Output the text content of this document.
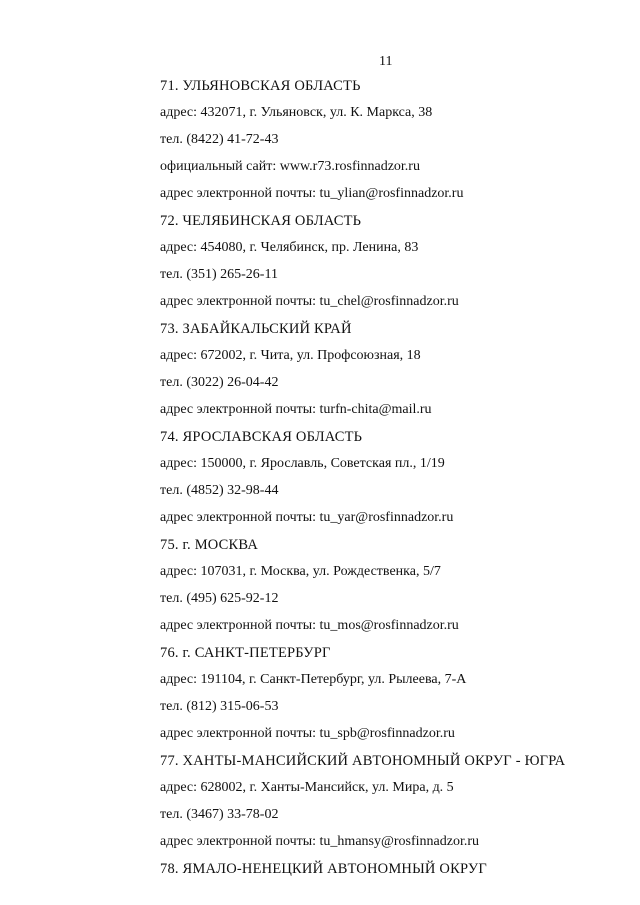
11
71. УЛЬЯНОВСКАЯ ОБЛАСТЬ
адрес: 432071, г. Ульяновск, ул. К. Маркса, 38
тел. (8422) 41-72-43
официальный сайт: www.r73.rosfinnadzor.ru
адрес электронной почты: tu_ylian@rosfinnadzor.ru
72. ЧЕЛЯБИНСКАЯ ОБЛАСТЬ
адрес: 454080, г. Челябинск, пр. Ленина, 83
тел. (351) 265-26-11
адрес электронной почты: tu_chel@rosfinnadzor.ru
73. ЗАБАЙКАЛЬСКИЙ КРАЙ
адрес: 672002, г. Чита, ул. Профсоюзная, 18
тел. (3022) 26-04-42
адрес электронной почты: turfn-chita@mail.ru
74. ЯРОСЛАВСКАЯ ОБЛАСТЬ
адрес: 150000, г. Ярославль, Советская пл., 1/19
тел. (4852) 32-98-44
адрес электронной почты: tu_yar@rosfinnadzor.ru
75. г. МОСКВА
адрес: 107031, г. Москва, ул. Рождественка, 5/7
тел. (495) 625-92-12
адрес электронной почты: tu_mos@rosfinnadzor.ru
76. г. САНКТ-ПЕТЕРБУРГ
адрес: 191104, г. Санкт-Петербург, ул. Рылеева, 7-А
тел. (812) 315-06-53
адрес электронной почты: tu_spb@rosfinnadzor.ru
77. ХАНТЫ-МАНСИЙСКИЙ АВТОНОМНЫЙ ОКРУГ - ЮГРА
адрес: 628002, г. Ханты-Мансийск, ул. Мира, д. 5
тел. (3467) 33-78-02
адрес электронной почты: tu_hmansy@rosfinnadzor.ru
78. ЯМАЛО-НЕНЕЦКИЙ АВТОНОМНЫЙ ОКРУГ
